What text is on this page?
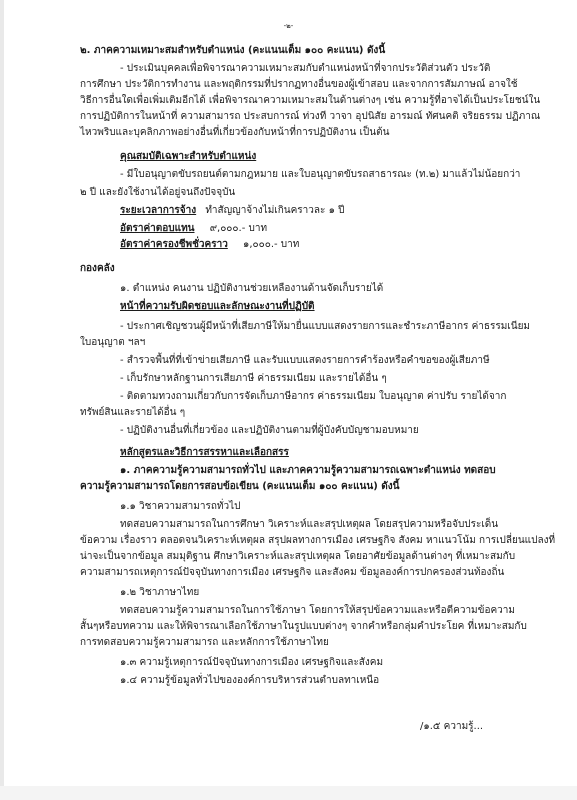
-๒-
๒. ภาคความเหมาะสมสำหรับตำแหน่ง (คะแนนเต็ม ๑๐๐ คะแนน) ดังนี้
- ประเมินบุคคลเพื่อพิจารณาความเหมาะสมกับตำแหน่งหน้าที่จากประวัติส่วนตัว ประวัติ
การศึกษา ประวัติการทำงาน และพฤติกรรมที่ปรากฏทางอื่นของผู้เข้าสอบ และจากการสัมภาษณ์ อาจใช้
วิธีการอื่นใดเพื่อเพิ่มเติมอีกได้ เพื่อพิจารณาความเหมาะสมในด้านต่างๆ เช่น ความรู้ที่อาจได้เป็นประโยชน์ใน
การปฏิบัติการในหน้าที่ ความสามารถ ประสบการณ์ ท่วงที วาจา อุปนิสัย อารมณ์ ทัศนคติ จริยธรรม ปฏิภาณ
ไหวพริบและบุคลิกภาพอย่างอื่นที่เกี่ยวข้องกับหน้าที่การปฏิบัติงาน เป็นต้น
คุณสมบัติเฉพาะสำหรับตำแหน่ง
- มีใบอนุญาตขับรถยนต์ตามกฎหมาย และใบอนุญาตขับรถสาธารณะ (ท.๒) มาแล้วไม่น้อยกว่า
๒ ปี และยังใช้งานได้อยู่จนถึงปัจจุบัน
ระยะเวลาการจ้าง ทำสัญญาจ้างไม่เกินคราวละ ๑ ปี
อัตราค่าตอบแทน ๙,๐๐๐.- บาท
อัตราค่าครองชีพชั่วคราว ๑,๐๐๐.- บาท
กองคลัง
๑. ตำแหน่ง คนงาน ปฏิบัติงานช่วยเหลืองานด้านจัดเก็บรายได้
หน้าที่ความรับผิดชอบและลักษณะงานที่ปฏิบัติ
- ประกาศเชิญชวนผู้มีหน้าที่เสียภาษีให้มายื่นแบบแสดงรายการและชำระภาษีอากร ค่าธรรมเนียม
ใบอนุญาต ฯลฯ
- สำรวจพื้นที่ที่เข้าข่ายเสียภาษี และรับแบบแสดงรายการคำร้องหรือคำขอของผู้เสียภาษี
- เก็บรักษาหลักฐานการเสียภาษี ค่าธรรมเนียม และรายได้อื่น ๆ
- ติดตามทวงถามเกี่ยวกับการจัดเก็บภาษีอากร ค่าธรรมเนียม ใบอนุญาต ค่าปรับ รายได้จาก
ทรัพย์สินและรายได้อื่น ๆ
- ปฏิบัติงานอื่นที่เกี่ยวข้อง และปฏิบัติงานตามที่ผู้บังคับบัญชามอบหมาย
หลักสูตรและวิธีการสรรหาและเลือกสรร
๑. ภาคความรู้ความสามารถทั่วไป และภาคความรู้ความสามารถเฉพาะตำแหน่ง ทดสอบ
ความรู้ความสามารถโดยการสอบข้อเขียน (คะแนนเต็ม ๑๐๐ คะแนน) ดังนี้
๑.๑ วิชาความสามารถทั่วไป
ทดสอบความสามารถในการศึกษา วิเคราะห์และสรุปเหตุผล โดยสรุปความหรือจับประเด็น
ข้อความ เรื่องราว ตลอดจนวิเคราะห์เหตุผล สรุปผลทางการเมือง เศรษฐกิจ สังคม หาแนวโน้ม การเปลี่ยนแปลงที่
น่าจะเป็นจากข้อมูล สมมุติฐาน ศึกษาวิเคราะห์และสรุปเหตุผล โดยอาศัยข้อมูลด้านต่างๆ ที่เหมาะสมกับ
ความสามารถเหตุการณ์ปัจจุบันทางการเมือง เศรษฐกิจ และสังคม ข้อมูลองค์การปกครองส่วนท้องถิ่น
๑.๒ วิชาภาษาไทย
ทดสอบความรู้ความสามารถในการใช้ภาษา โดยการให้สรุปข้อความและหรือตีความข้อความ
สั้นๆหรือบทความ และให้พิจารณาเลือกใช้ภาษาในรูปแบบต่างๆ จากคำหรือกลุ่มคำประโยค ที่เหมาะสมกับ
การทดสอบความรู้ความสามารถ และหลักการใช้ภาษาไทย
๑.๓ ความรู้เหตุการณ์ปัจจุบันทางการเมือง เศรษฐกิจและสังคม
๑.๔ ความรู้ข้อมูลทั่วไปขององค์การบริหารส่วนตำบลทาเหนือ
/๑.๕ ความรู้...
